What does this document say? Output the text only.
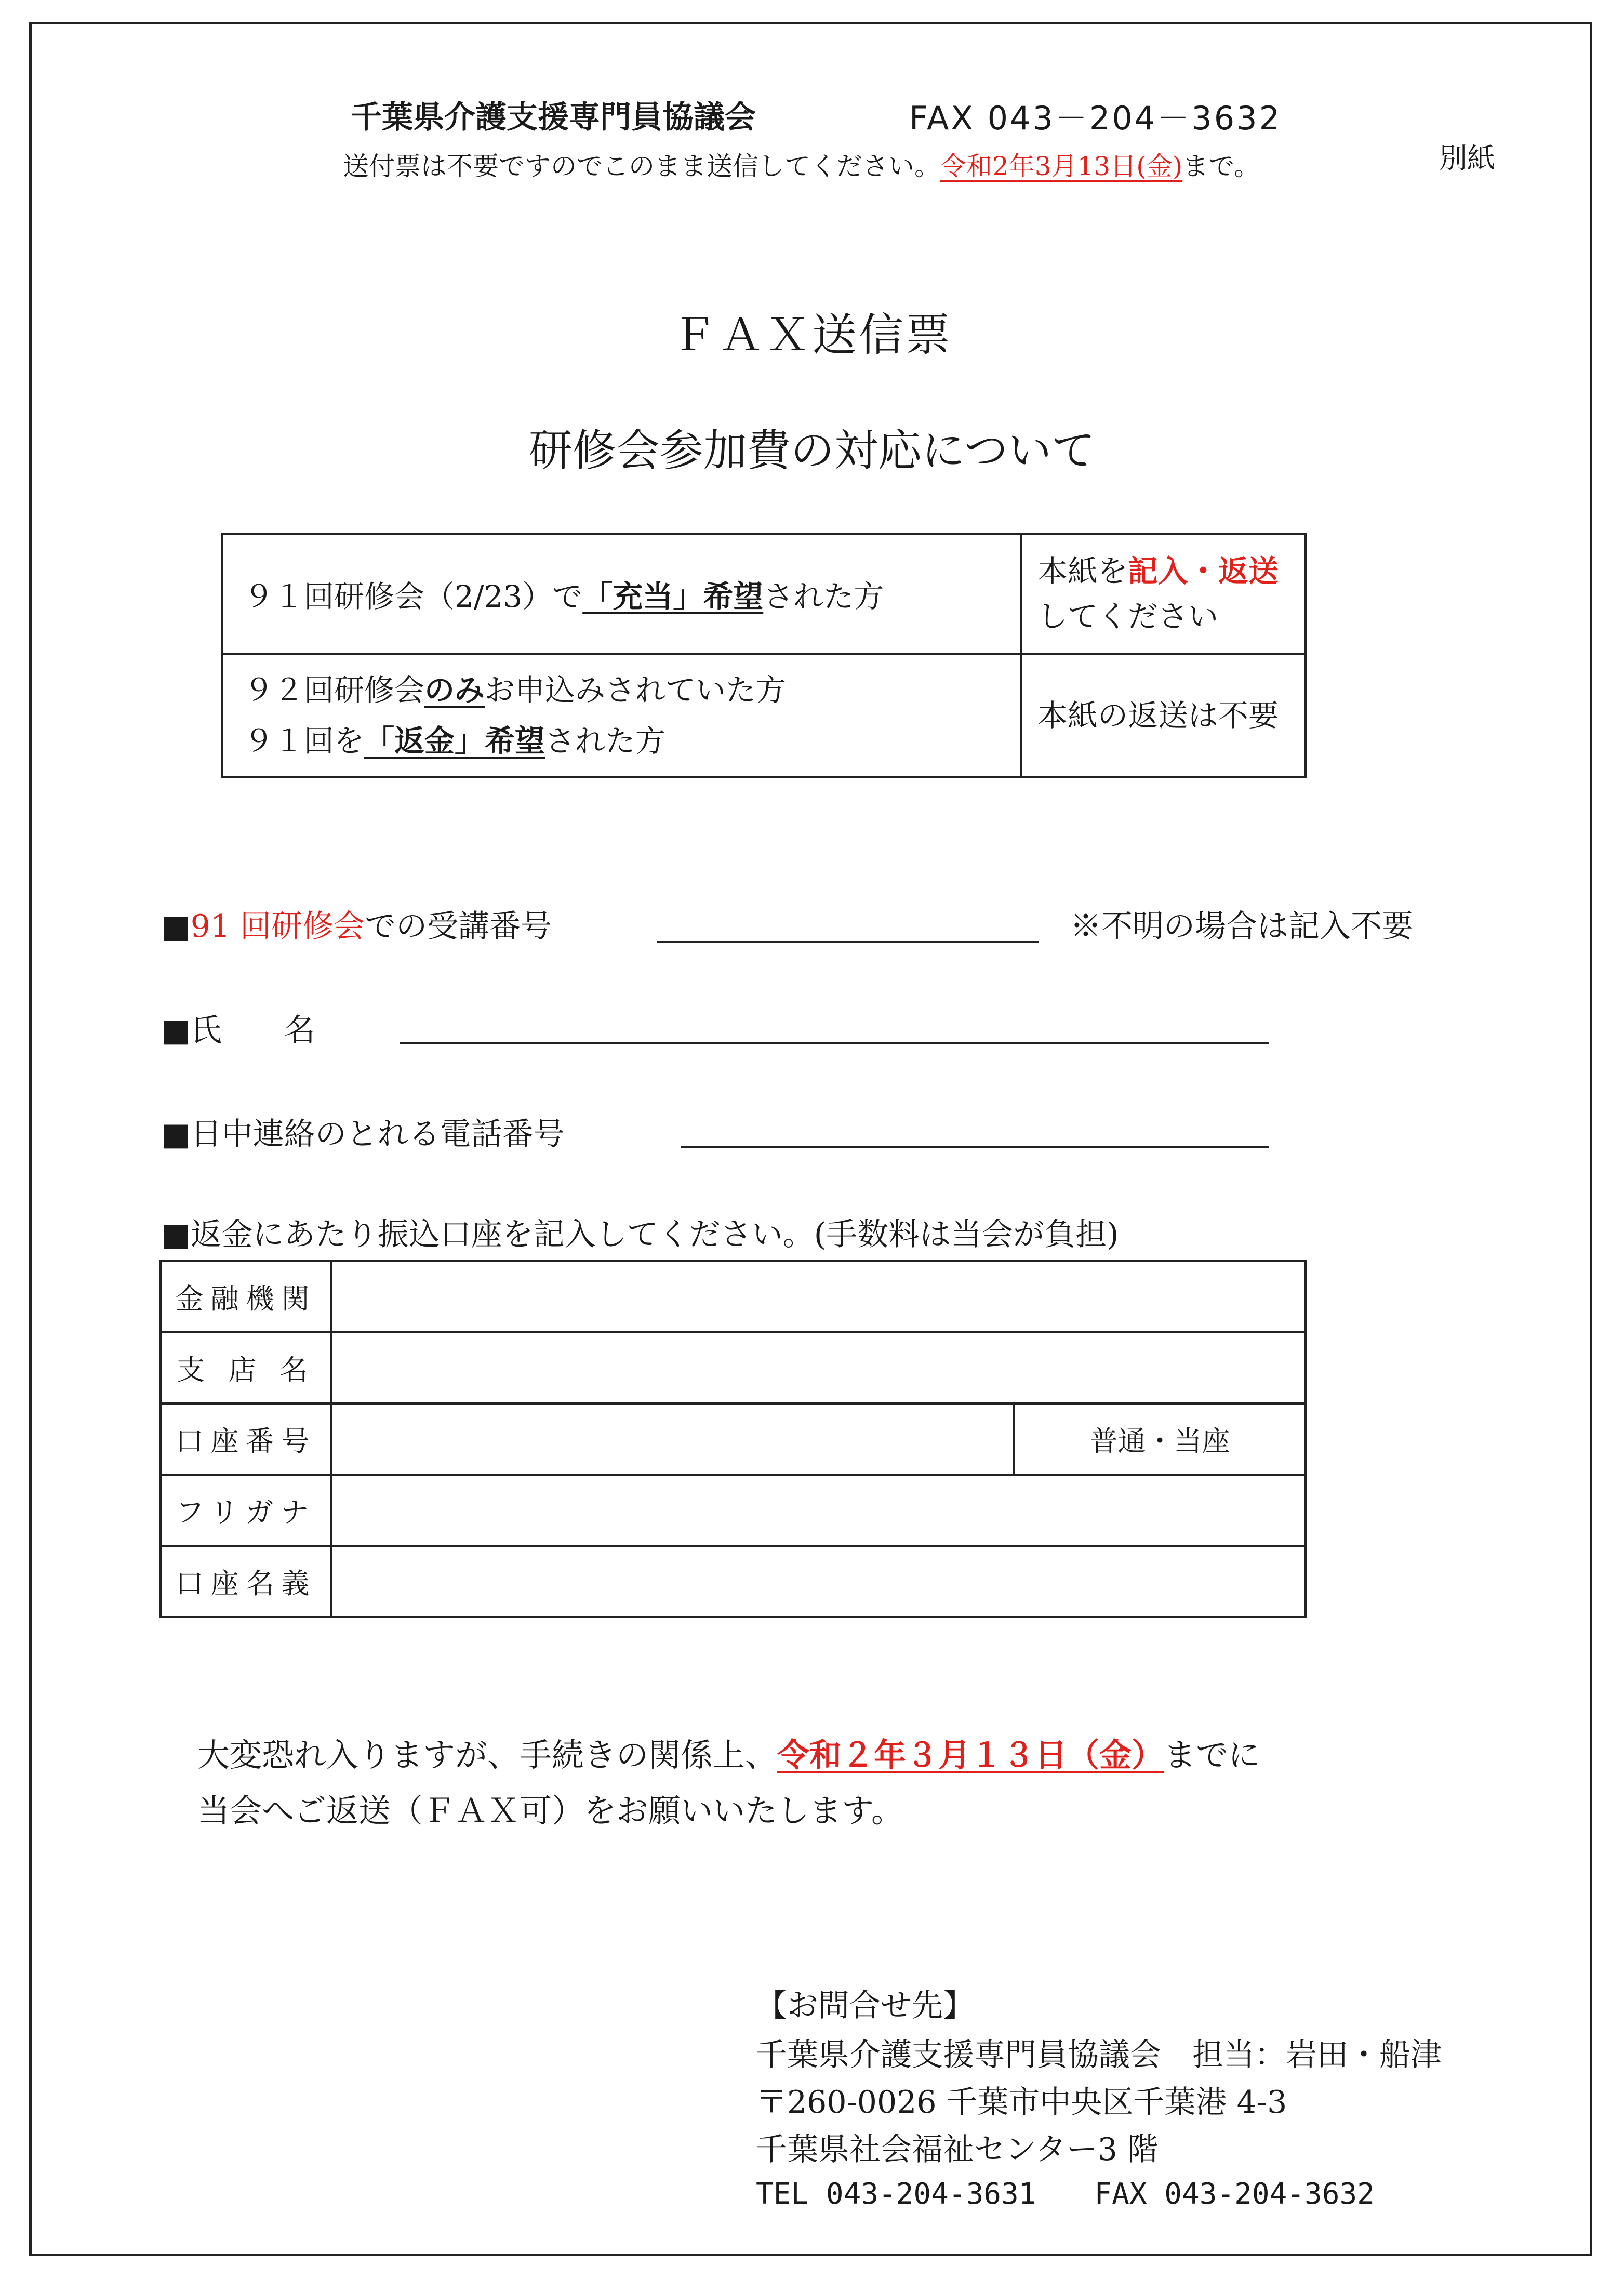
千葉県介護支援専門員協議会	FAX 043－204－3632
送付票は不要ですのでこのまま送信してください。令和2年3月13日(金)まで。	別紙
ＦＡＸ送信票
研修会参加費の対応について
９１回研修会（2/23）で「充当」希望された方	本紙を記入・返送してください

９２回研修会のみお申込みされていた方
９１回を「返金」希望された方	本紙の返送は不要
■91 回研修会での受講番号	※不明の場合は記入不要
■氏　　名
■日中連絡のとれる電話番号
■返金にあたり振込口座を記入してください。(手数料は当会が負担)
金融機関		
支 店 名		
口座番号		普通・当座
フリガナ		
口座名義		
大変恐れ入りますが、手続きの関係上、令和２年３月１３日（金）までに
当会へご返送（ＦＡＸ可）をお願いいたします。
【お問合せ先】
千葉県介護支援専門員協議会　担当：岩田・船津
〒260-0026 千葉市中央区千葉港 4-3
千葉県社会福祉センター3 階
TEL 043-204-3631　　FAX 043-204-3632
